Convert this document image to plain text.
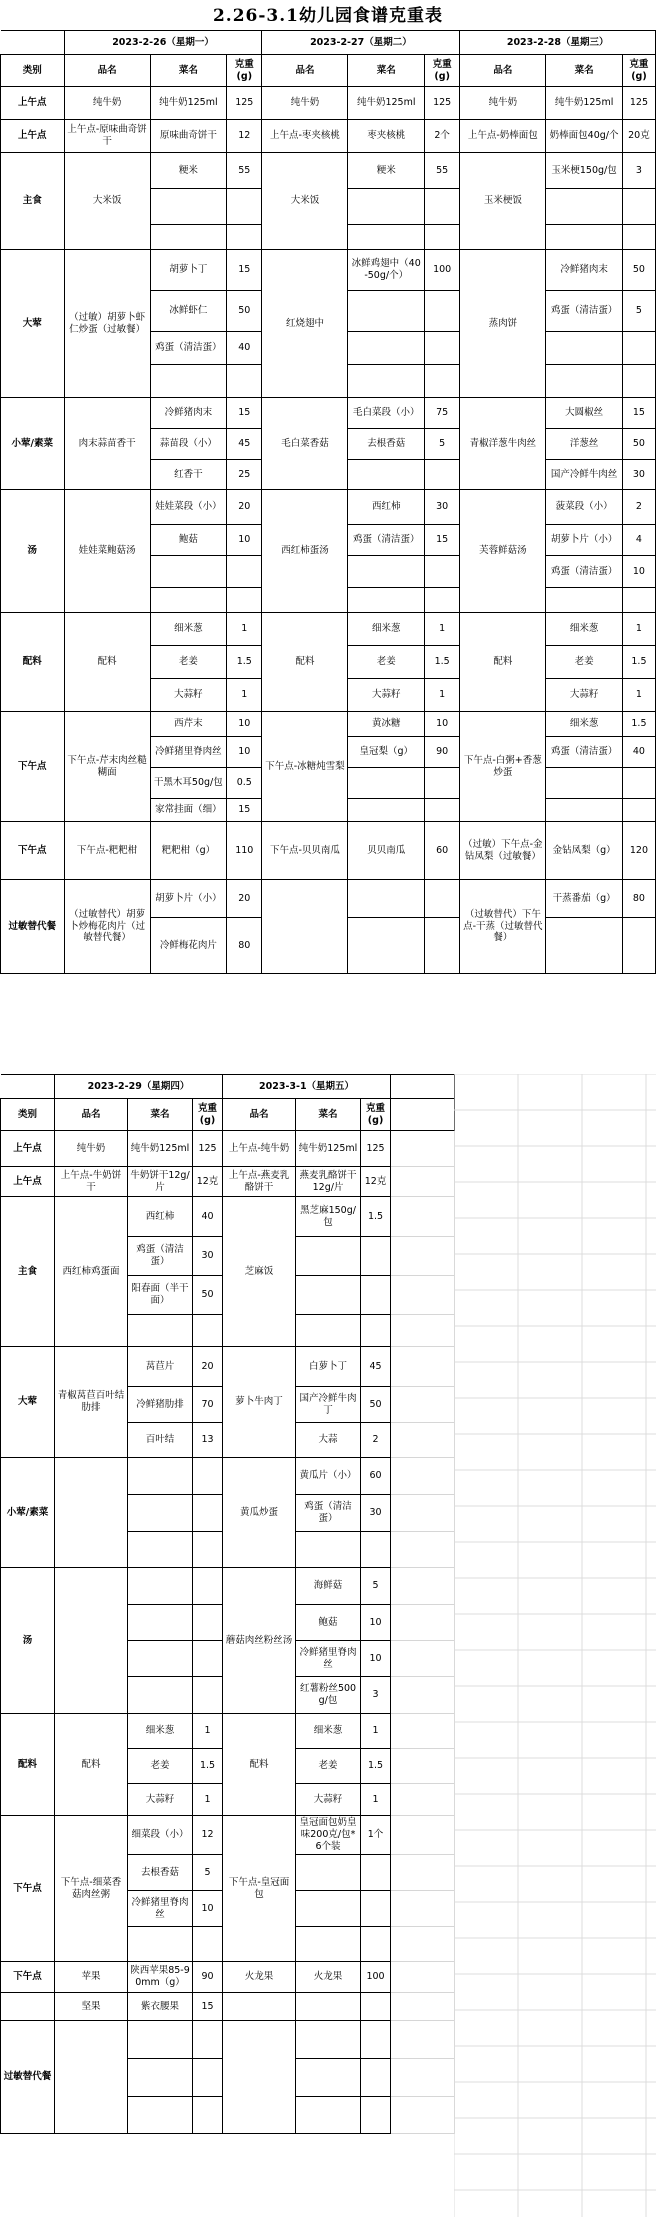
2.26-3.1幼儿园食谱克重表
	2023-2-26（星期一）			2023-2-27（星期二）			2023-2-28（星期三）		
类别	品名	菜名	克重(g)	品名	菜名	克重(g)	品名	菜名	克重(g)
上午点	纯牛奶	纯牛奶125ml	125	纯牛奶	纯牛奶125ml	125	纯牛奶	纯牛奶125ml	125
上午点	上午点-原味曲奇饼干	原味曲奇饼干	12	上午点-枣夹核桃	枣夹核桃	2个	上午点-奶棒面包	奶棒面包40g/个	20克
主食	大米饭	粳米	55	大米饭	粳米	55	玉米梗饭	玉米梗150g/包	3

大荤	（过敏）胡萝卜虾仁炒蛋（过敏餐）	胡萝卜丁	15	红烧翅中	冰鲜鸡翅中（40-50g/个）	100	蒸肉饼	冷鲜猪肉末	50
		冰鲜虾仁	50					鸡蛋（清洁蛋）	5
		鸡蛋（清洁蛋）	40						

小荤/素菜	肉末蒜苗香干	冷鲜猪肉末	15	毛白菜香菇	毛白菜段（小）	75	青椒洋葱牛肉丝	大圆椒丝	15
		蒜苗段（小）	45		去根香菇	5		洋葱丝	50
		红香干	25					国产冷鲜牛肉丝	30
汤	娃娃菜鲍菇汤	娃娃菜段（小）	20	西红柿蛋汤	西红柿	30	芙蓉鲜菇汤	菠菜段（小）	2
		鲍菇	10		鸡蛋（清洁蛋）	15		胡萝卜片（小）	4
								鸡蛋（清洁蛋）	10

配料	配料	细米葱	1	配料	细米葱	1	配料	细米葱	1
		老姜	1.5		老姜	1.5		老姜	1.5
		大蒜籽	1		大蒜籽	1		大蒜籽	1
下午点	下午点-芹末肉丝糙糊面	西芹末	10	下午点-冰糖炖雪梨	黄冰糖	10	下午点-白粥+香葱炒蛋	细米葱	1.5
		冷鲜猪里脊肉丝	10		皇冠梨（g）	90		鸡蛋（清洁蛋）	40
		干黑木耳50g/包	0.5						
		家常挂面（细）	15						
下午点	下午点-粑粑柑	粑粑柑（g）	110	下午点-贝贝南瓜	贝贝南瓜	60	（过敏）下午点-金钻凤梨（过敏餐）	金钻凤梨（g）	120
过敏替代餐	（过敏替代）胡萝卜炒梅花肉片（过敏替代餐）	胡萝卜片（小）	20				（过敏替代）下午点-干蒸（过敏替代餐）	干蒸番茄（g）	80
		冷鲜梅花肉片	80						
	2023-2-29（星期四）			2023-3-1（星期五）			
类别	品名	菜名	克重(g)	品名	菜名	克重(g)	
上午点	纯牛奶	纯牛奶125ml	125	上午点-纯牛奶	纯牛奶125ml	125	
上午点	上午点-牛奶饼干	牛奶饼干12g/片	12克	上午点-燕麦乳酪饼干	燕麦乳酪饼干12g/片	12克	
主食	西红柿鸡蛋面	西红柿	40	芝麻饭	黑芝麻150g/包	1.5	
		鸡蛋（清洁蛋）	30				
		阳春面（半干面）	50				

大荤	青椒莴苣百叶结肋排	莴苣片	20	萝卜牛肉丁	白萝卜丁	45	
		冷鲜猪肋排	70		国产冷鲜牛肉丁	50	
		百叶结	13		大蒜	2	
小荤/素菜				黄瓜炒蛋	黄瓜片（小）	60	
					鸡蛋（清洁蛋）	30	

汤				蘑菇肉丝粉丝汤	海鲜菇	5	
					鲍菇	10	
					冷鲜猪里脊肉丝	10	
					红薯粉丝500g/包	3	
配料	配料	细米葱	1	配料	细米葱	1	
		老姜	1.5		老姜	1.5	
		大蒜籽	1		大蒜籽	1	
下午点	下午点-细菜香菇肉丝粥	细菜段（小）	12	下午点-皇冠面包	皇冠面包奶皇味200克/包*6个装	1个	
		去根香菇	5				
		冷鲜猪里脊肉丝	10				

下午点	苹果	陕西苹果85-90mm（g）	90	火龙果	火龙果	100	
	坚果	紫衣腰果	15				
过敏替代餐							
